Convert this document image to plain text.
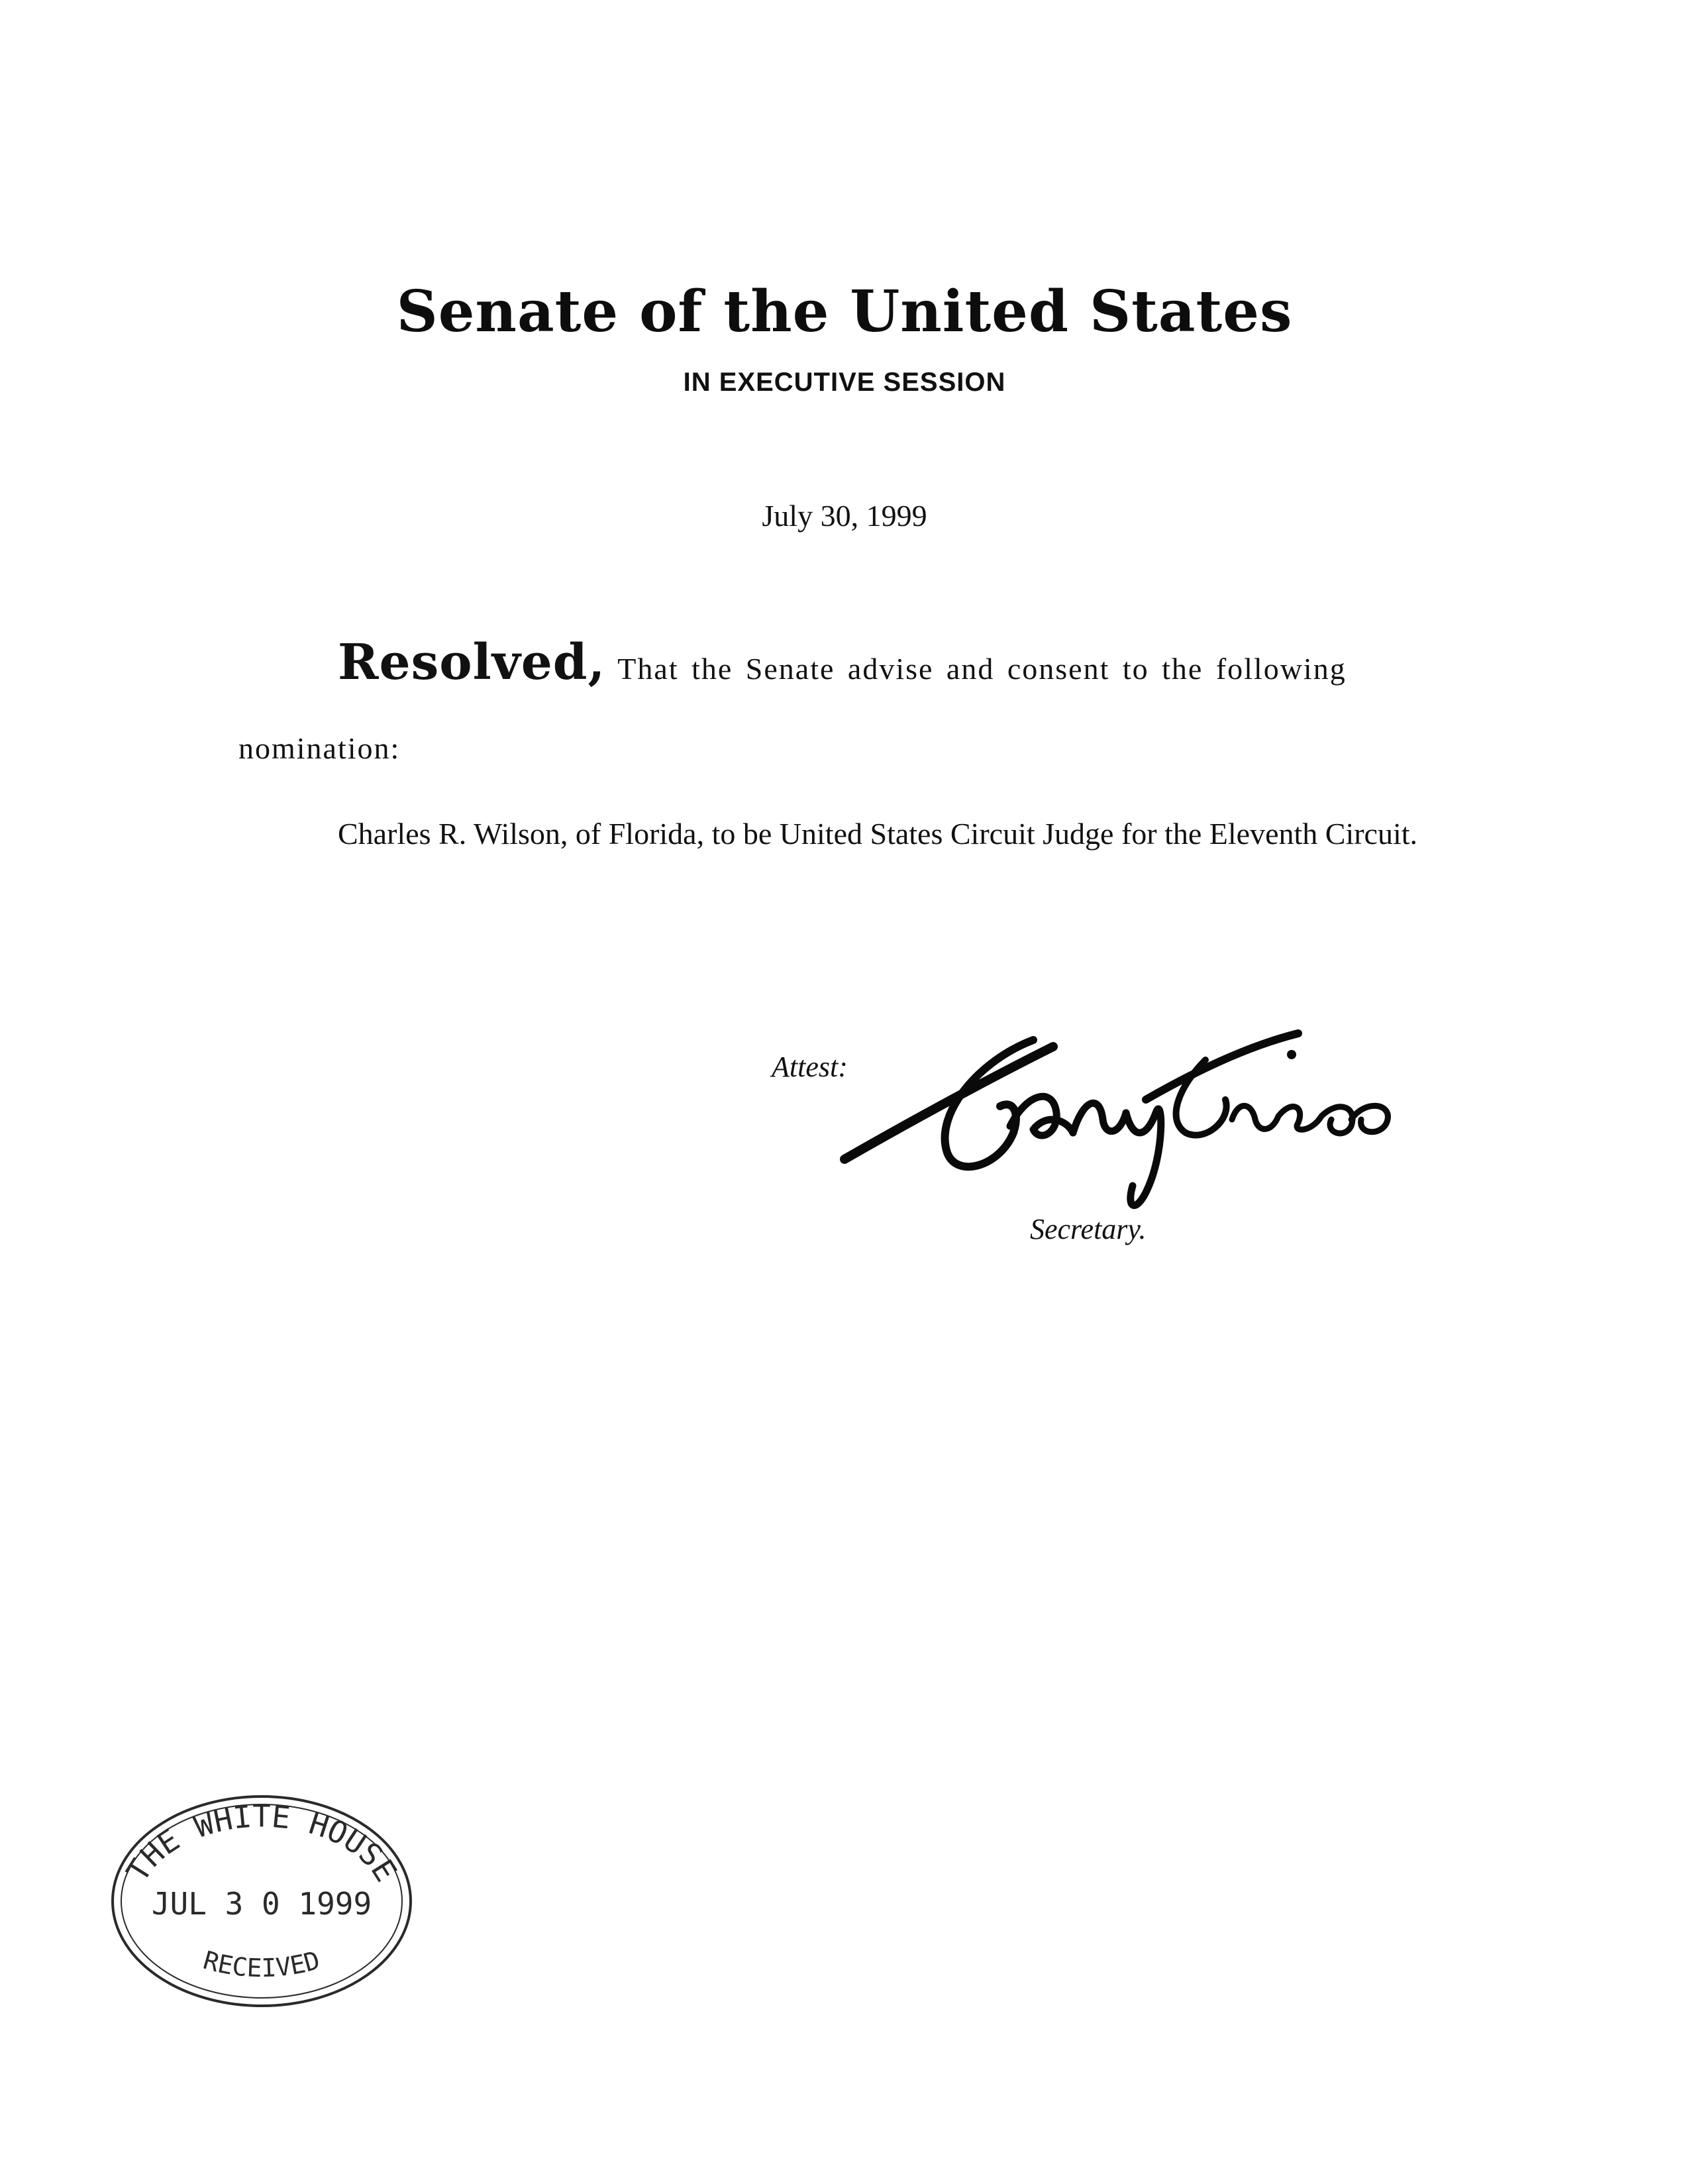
Senate of the United States
IN EXECUTIVE SESSION
July 30, 1999
Resolved, That the Senate advise and consent to the following nomination:
Charles R. Wilson, of Florida, to be United States Circuit Judge for the Eleventh Circuit.
Attest:
Secretary.
THE WHITE HOUSE
JUL 3 0 1999
RECEIVED
